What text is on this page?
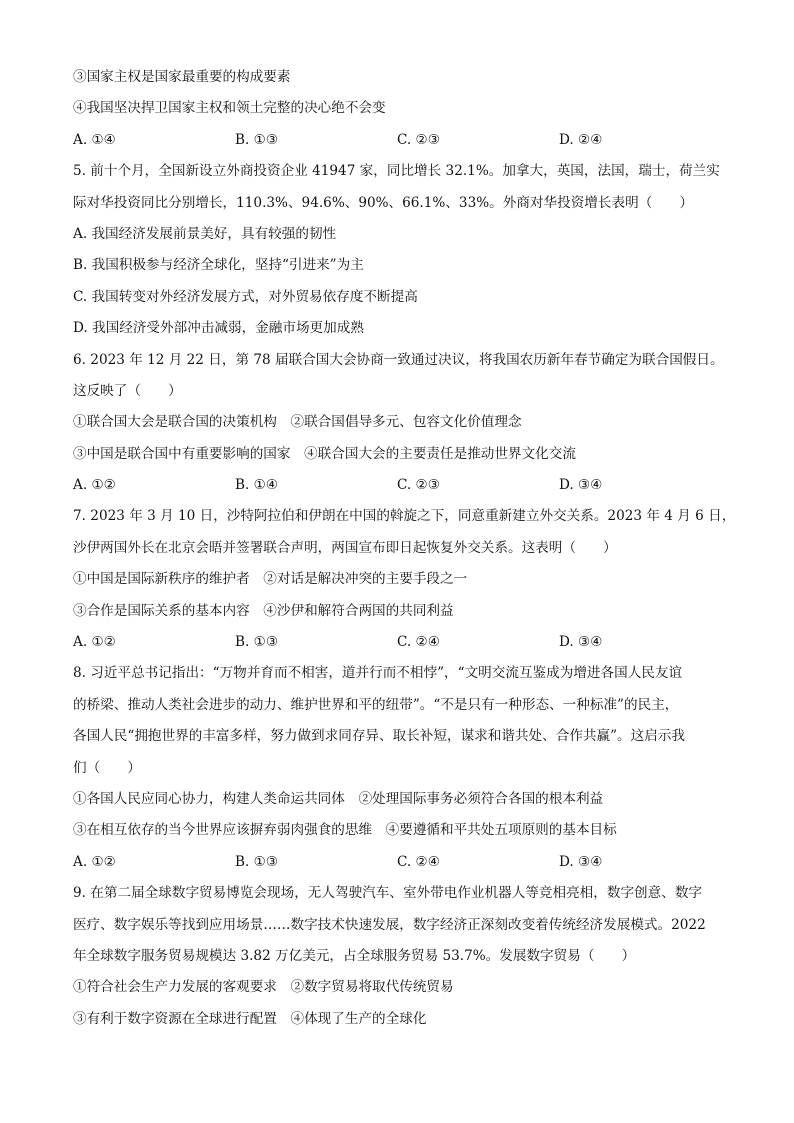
③国家主权是国家最重要的构成要素
④我国坚决捍卫国家主权和领土完整的决心绝不会变
A. ①④	B. ①③	C. ②③	D. ②④
5. 前十个月，全国新设立外商投资企业 41947 家，同比增长 32.1%。加拿大，英国，法国，瑞士，荷兰实
际对华投资同比分别增长，110.3%、94.6%、90%、66.1%、33%。外商对华投资增长表明（　　）
A. 我国经济发展前景美好，具有较强的韧性
B. 我国积极参与经济全球化，坚持“引进来”为主
C. 我国转变对外经济发展方式，对外贸易依存度不断提高
D. 我国经济受外部冲击减弱，金融市场更加成熟
6. 2023 年 12 月 22 日，第 78 届联合国大会协商一致通过决议，将我国农历新年春节确定为联合国假日。
这反映了（　　）
①联合国大会是联合国的决策机构　②联合国倡导多元、包容文化价值理念
③中国是联合国中有重要影响的国家　④联合国大会的主要责任是推动世界文化交流
A. ①②	B. ①④	C. ②③	D. ③④
7. 2023 年 3 月 10 日，沙特阿拉伯和伊朗在中国的斡旋之下，同意重新建立外交关系。2023 年 4 月 6 日，
沙伊两国外长在北京会晤并签署联合声明，两国宣布即日起恢复外交关系。这表明（　　）
①中国是国际新秩序的维护者　②对话是解决冲突的主要手段之一
③合作是国际关系的基本内容　④沙伊和解符合两国的共同利益
A. ①②	B. ①③	C. ②④	D. ③④
8. 习近平总书记指出：“万物并育而不相害，道并行而不相悖”，“文明交流互鉴成为增进各国人民友谊
的桥梁、推动人类社会进步的动力、维护世界和平的纽带”。“不是只有一种形态、一种标准”的民主，
各国人民“拥抱世界的丰富多样，努力做到求同存异、取长补短，谋求和谐共处、合作共赢”。这启示我
们（　　）
①各国人民应同心协力，构建人类命运共同体　②处理国际事务必须符合各国的根本利益
③在相互依存的当今世界应该摒弃弱肉强食的思维　④要遵循和平共处五项原则的基本目标
A. ①②	B. ①③	C. ②④	D. ③④
9. 在第二届全球数字贸易博览会现场，无人驾驶汽车、室外带电作业机器人等竞相亮相，数字创意、数字
医疗、数字娱乐等找到应用场景……数字技术快速发展，数字经济正深刻改变着传统经济发展模式。2022
年全球数字服务贸易规模达 3.82 万亿美元，占全球服务贸易 53.7%。发展数字贸易（　　）
①符合社会生产力发展的客观要求　②数字贸易将取代传统贸易
③有利于数字资源在全球进行配置　④体现了生产的全球化
